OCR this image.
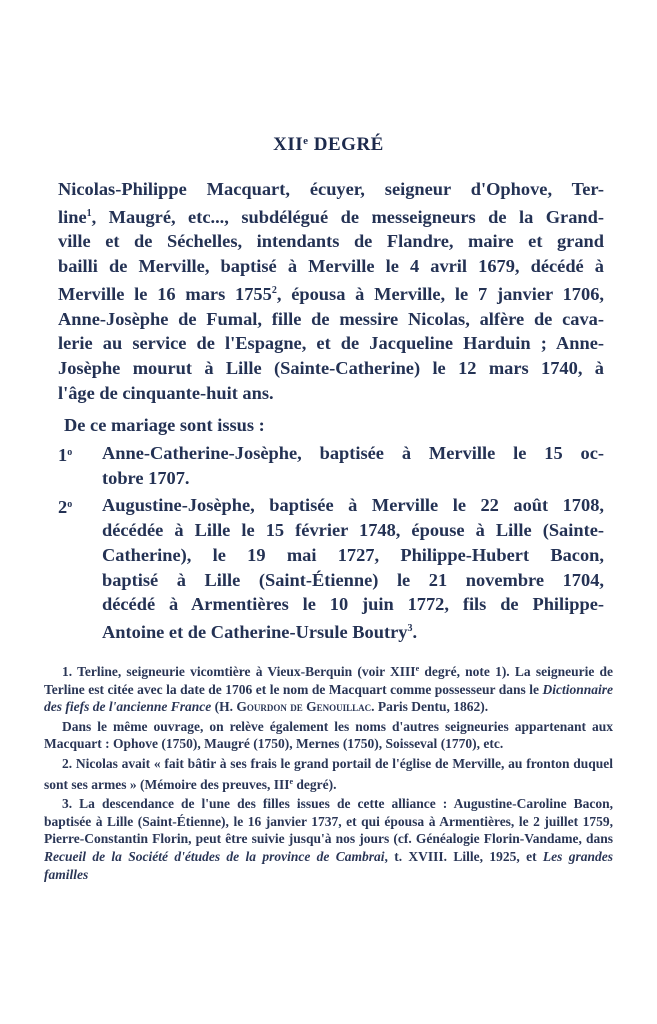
XIIe DEGRÉ

Nicolas-Philippe Macquart, écuyer, seigneur d'Ophove, Ter-
line$^1$, Maugré, etc..., subdélégué de messeigneurs de la Grand-
ville et de Séchelles, intendants de Flandre, maire et grand
bailli de Merville, baptisé à Merville le 4 avril 1679, décédé à
Merville le 16 mars 1755$^2$, épousa à Merville, le 7 janvier 1706,
Anne-Josèphe de Fumal, fille de messire Nicolas, alfère de cava-
lerie au service de l'Espagne, et de Jacqueline Harduin ; Anne-
Josèphe mourut à Lille (Sainte-Catherine) le 12 mars 1740, à
l'âge de cinquante-huit ans.

De ce mariage sont issus :

1$^o$ Anne-Catherine-Josèphe, baptisée à Merville le 15 oc-
tobre 1707.
2$^o$ Augustine-Josèphe, baptisée à Merville le 22 août 1708,
décédée à Lille le 15 février 1748, épouse à Lille (Sainte-
Catherine), le 19 mai 1727, Philippe-Hubert Bacon,
baptisé à Lille (Saint-Étienne) le 21 novembre 1704,
décédé à Armentières le 10 juin 1772, fils de Philippe-
Antoine et de Catherine-Ursule Boutry$^3$.

1. Terline, seigneurie vicomtière à Vieux-Berquin (voir XIIIe degré, note 1). La seigneurie de Terline est citée avec la date de 1706 et le nom de Macquart comme possesseur dans le Dictionnaire des fiefs de l'ancienne France (H. Gourdon de Genouillac. Paris Dentu, 1862).

Dans le même ouvrage, on relève également les noms d'autres seigneuries appartenant aux Macquart : Ophove (1750), Maugré (1750), Mernes (1750), Soisseval (1770), etc.

2. Nicolas avait « fait bâtir à ses frais le grand portail de l'église de Merville, au fronton duquel sont ses armes » (Mémoire des preuves, IIIe degré).

3. La descendance de l'une des filles issues de cette alliance : Augustine-Caroline Bacon, baptisée à Lille (Saint-Étienne), le 16 janvier 1737, et qui épousa à Armentières, le 2 juillet 1759, Pierre-Constantin Florin, peut être suivie jusqu'à nos jours (cf. Généalogie Florin-Vandame, dans Recueil de la Société d'études de la province de Cambrai, t. XVIII. Lille, 1925, et Les grandes familles
